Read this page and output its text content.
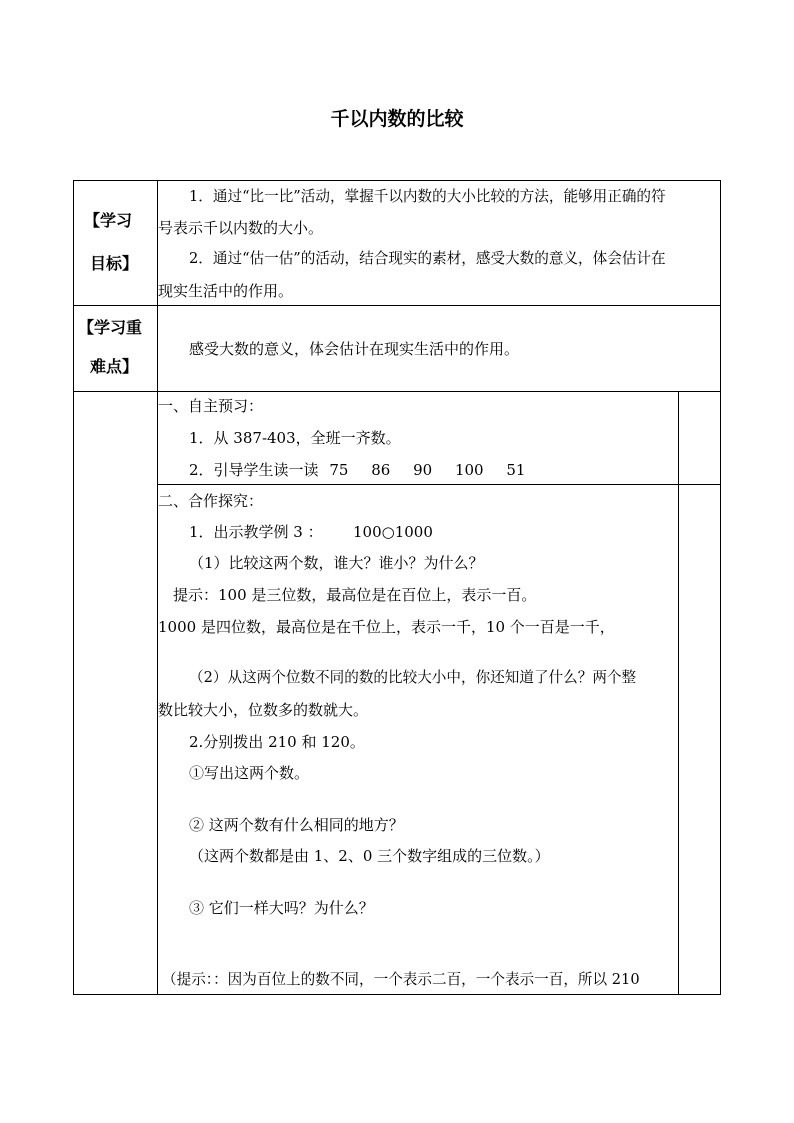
千以内数的比较
【学习
目标】
1．通过“比一比”活动，掌握千以内数的大小比较的方法，能够用正确的符
号表示千以内数的大小。
2．通过“估一估”的活动，结合现实的素材，感受大数的意义，体会估计在
现实生活中的作用。
【学习重
难点】
感受大数的意义，体会估计在现实生活中的作用。
一、自主预习：
1．从 387-403，全班一齐数。
2．引导学生读一读 75 86 90 100 51
二、合作探究：
1．出示教学例 3 ： 100○1000
（1）比较这两个数，谁大？谁小？为什么？
提示：100 是三位数，最高位是在百位上，表示一百。
1000 是四位数，最高位是在千位上，表示一千，10 个一百是一千，
（2）从这两个位数不同的数的比较大小中，你还知道了什么？两个整
数比较大小，位数多的数就大。
2.分别拨出 210 和 120。
①写出这两个数。
② 这两个数有什么相同的地方？
（这两个数都是由 1、2、0 三个数字组成的三位数。）
③ 它们一样大吗？为什么？
（提示：：因为百位上的数不同，一个表示二百，一个表示一百，所以 210
